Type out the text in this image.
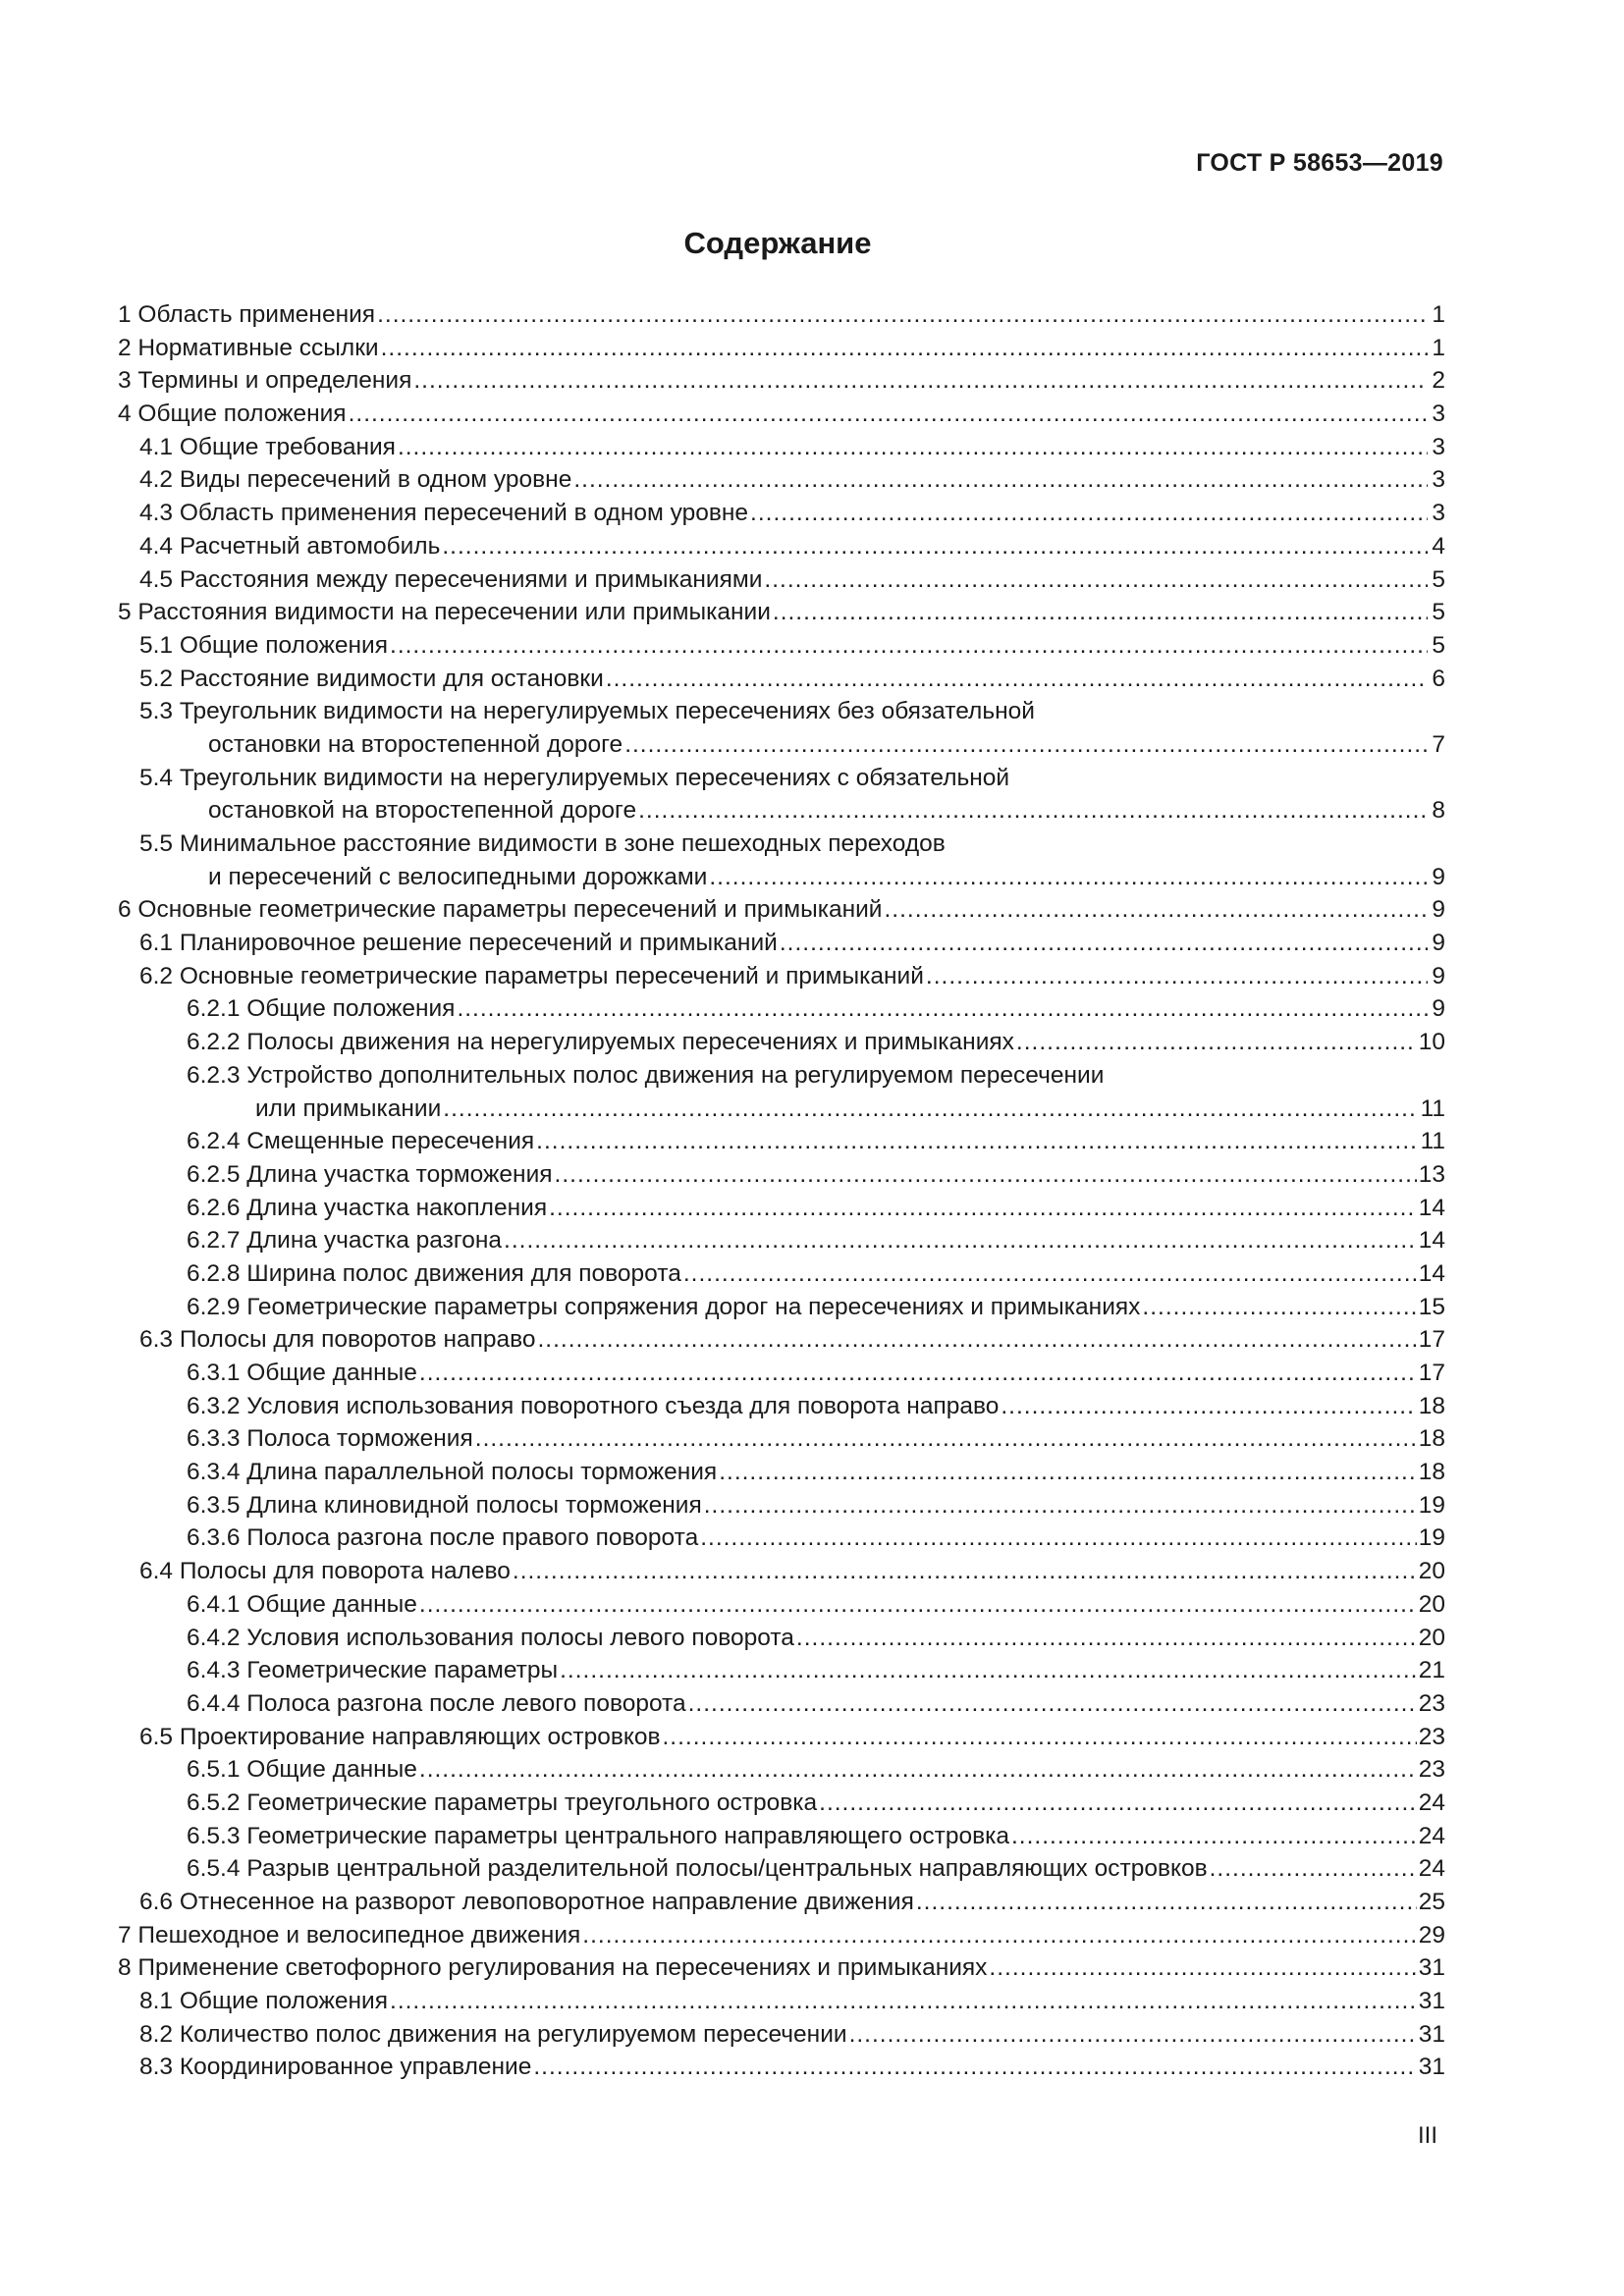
ГОСТ Р 58653—2019
Содержание
1 Область применения .....	1
2 Нормативные ссылки .....	1
3 Термины и определения .....	2
4 Общие положения .....	3
4.1 Общие требования .....	3
4.2 Виды пересечений в одном уровне .....	3
4.3 Область применения пересечений в одном уровне .....	3
4.4 Расчетный автомобиль .....	4
4.5 Расстояния между пересечениями и примыканиями .....	5
5 Расстояния видимости на пересечении или примыкании .....	5
5.1 Общие положения .....	5
5.2 Расстояние видимости для остановки .....	6
5.3 Треугольник видимости на нерегулируемых пересечениях без обязательной
остановки на второстепенной дороге .....	7
5.4 Треугольник видимости на нерегулируемых пересечениях с обязательной
остановкой на второстепенной дороге .....	8
5.5 Минимальное расстояние видимости в зоне пешеходных переходов
и пересечений с велосипедными дорожками .....	9
6 Основные геометрические параметры пересечений и примыканий .....	9
6.1 Планировочное решение пересечений и примыканий .....	9
6.2 Основные геометрические параметры пересечений и примыканий .....	9
6.2.1 Общие положения .....	9
6.2.2 Полосы движения на нерегулируемых пересечениях и примыканиях .....	10
6.2.3 Устройство дополнительных полос движения на регулируемом пересечении
или примыкании .....	11
6.2.4 Смещенные пересечения .....	11
6.2.5 Длина участка торможения .....	13
6.2.6 Длина участка накопления .....	14
6.2.7 Длина участка разгона .....	14
6.2.8 Ширина полос движения для поворота .....	14
6.2.9 Геометрические параметры сопряжения дорог на пересечениях и примыканиях .....	15
6.3 Полосы для поворотов направо .....	17
6.3.1 Общие данные .....	17
6.3.2 Условия использования поворотного съезда для поворота направо .....	18
6.3.3 Полоса торможения .....	18
6.3.4 Длина параллельной полосы торможения .....	18
6.3.5 Длина клиновидной полосы торможения .....	19
6.3.6 Полоса разгона после правого поворота .....	19
6.4 Полосы для поворота налево .....	20
6.4.1 Общие данные .....	20
6.4.2 Условия использования полосы левого поворота .....	20
6.4.3 Геометрические параметры .....	21
6.4.4 Полоса разгона после левого поворота .....	23
6.5 Проектирование направляющих островков .....	23
6.5.1 Общие данные .....	23
6.5.2 Геометрические параметры треугольного островка .....	24
6.5.3 Геометрические параметры центрального направляющего островка .....	24
6.5.4 Разрыв центральной разделительной полосы/центральных направляющих островков .....	24
6.6 Отнесенное на разворот левоповоротное направление движения .....	25
7 Пешеходное и велосипедное движения .....	29
8 Применение светофорного регулирования на пересечениях и примыканиях .....	31
8.1 Общие положения .....	31
8.2 Количество полос движения на регулируемом пересечении .....	31
8.3 Координированное управление .....	31
III
